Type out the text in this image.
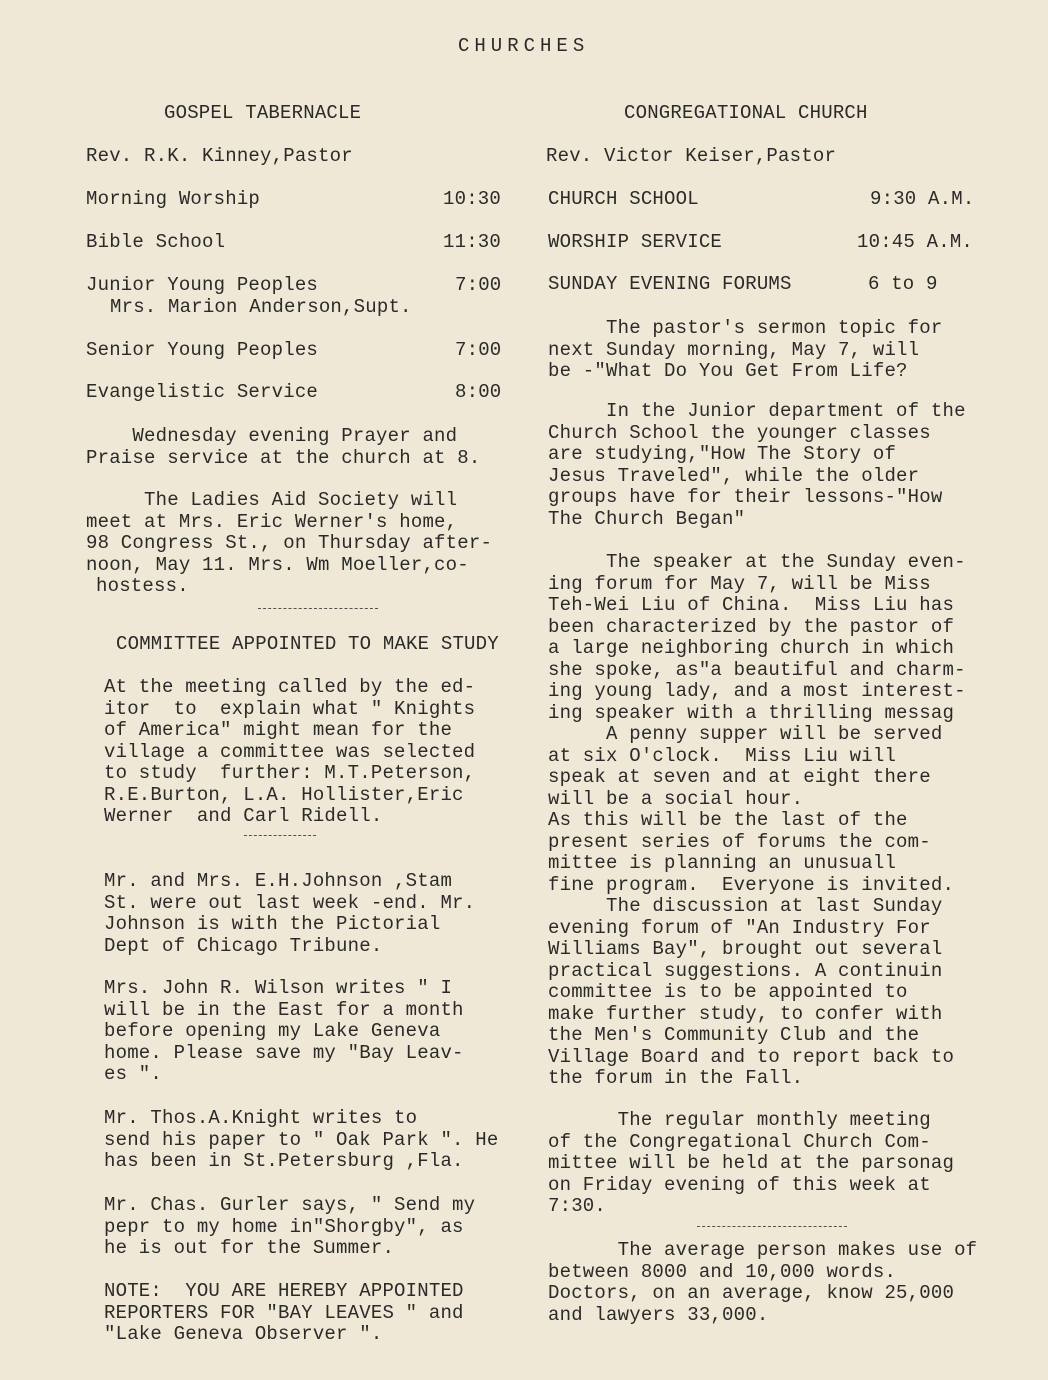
CHURCHES

GOSPEL TABERNACLE

Rev. R.K. Kinney,Pastor

Morning Worship	10:30

Bible School	11:30

Junior Young Peoples	7:00

Mrs. Marion Anderson,Supt.

Senior Young Peoples	7:00

Evangelistic Service	8:00

Wednesday evening Prayer and

Praise service at the church at 8.

The Ladies Aid Society will

meet at Mrs. Eric Werner's home,

98 Congress St., on Thursday after-

noon, May 11. Mrs. Wm Moeller,co-

hostess.

COMMITTEE APPOINTED TO MAKE STUDY

At the meeting called by the ed-

itor  to  explain what " Knights

of America" might mean for the

village a committee was selected

to study  further: M.T.Peterson,

R.E.Burton, L.A. Hollister,Eric

Werner  and Carl Ridell.

Mr. and Mrs. E.H.Johnson ,Stam

St. were out last week -end. Mr.

Johnson is with the Pictorial

Dept of Chicago Tribune.

Mrs. John R. Wilson writes " I

will be in the East for a month

before opening my Lake Geneva

home. Please save my "Bay Leav-

es ".

Mr. Thos.A.Knight writes to

send his paper to " Oak Park ". He

has been in St.Petersburg ,Fla.

Mr. Chas. Gurler says, " Send my

pepr to my home in"Shorgby", as

he is out for the Summer.

NOTE:  YOU ARE HEREBY APPOINTED

REPORTERS FOR "BAY LEAVES " and

"Lake Geneva Observer ".

CONGREGATIONAL CHURCH

Rev. Victor Keiser,Pastor

CHURCH SCHOOL	9:30 A.M.

WORSHIP SERVICE	10:45 A.M.

SUNDAY EVENING FORUMS	6 to 9

The pastor's sermon topic for

next Sunday morning, May 7, will

be -"What Do You Get From Life?

In the Junior department of the

Church School the younger classes

are studying,"How The Story of

Jesus Traveled", while the older

groups have for their lessons-"How

The Church Began"

The speaker at the Sunday even-

ing forum for May 7, will be Miss

Teh-Wei Liu of China.  Miss Liu has

been characterized by the pastor of

a large neighboring church in which

she spoke, as"a beautiful and charm-

ing young lady, and a most interest-

ing speaker with a thrilling messag

A penny supper will be served

at six O'clock.  Miss Liu will

speak at seven and at eight there

will be a social hour.

As this will be the last of the

present series of forums the com-

mittee is planning an unusuall

fine program.  Everyone is invited.

The discussion at last Sunday

evening forum of "An Industry For

Williams Bay", brought out several

practical suggestions. A continuin

committee is to be appointed to

make further study, to confer with

the Men's Community Club and the

Village Board and to report back to

the forum in the Fall.

The regular monthly meeting

of the Congregational Church Com-

mittee will be held at the parsonag

on Friday evening of this week at

7:30.

The average person makes use of

between 8000 and 10,000 words.

Doctors, on an average, know 25,000

and lawyers 33,000.
